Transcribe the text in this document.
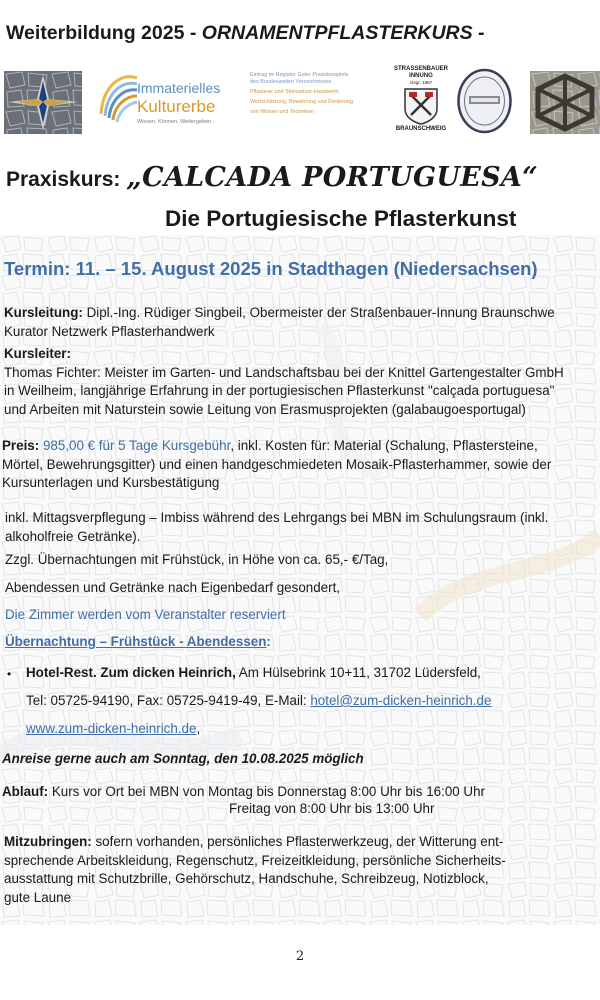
Weiterbildung 2025 - ORNAMENTPFLASTERKURS -
Immaterielles
Kulturerbe
Wissen. Können. Weitergeben.

Eintrag im Register Guter Praxisbeispiele

des Bundesweiten Verzeichnisses

Pflasterer und Steinsetzer-Handwerk:

Wertschätzung, Bewahrung und Förderung

von Wissen und Techniken

STRASSENBAUER
INNUNG
Gegr. 1887
BRAUNSCHWEIG
Praxiskurs: „CALCADA PORTUGUESA“
Die Portugiesische Pflasterkunst
Termin: 11. – 15. August 2025 in Stadthagen (Niedersachsen)
Kursleitung: Dipl.-Ing. Rüdiger Singbeil, Obermeister der Straßenbauer-Innung Braunschwe
Kurator Netzwerk Pflasterhandwerk
Kursleiter:
Thomas Fichter: Meister im Garten- und Landschaftsbau bei der Knittel Gartengestalter GmbH
in Weilheim, langjährige Erfahrung in der portugiesischen Pflasterkunst "calçada portuguesa"
und Arbeiten mit Naturstein sowie Leitung von Erasmusprojekten (galabaugoesportugal)
Preis: 985,00 € für 5 Tage Kursgebühr, inkl. Kosten für: Material (Schalung, Pflastersteine,
Mörtel, Bewehrungsgitter) und einen handgeschmiedeten Mosaik-Pflasterhammer, sowie der
Kursunterlagen und Kursbestätigung
inkl. Mittagsverpflegung – Imbiss während des Lehrgangs bei MBN im Schulungsraum (inkl.
alkoholfreie Getränke).
Zzgl. Übernachtungen mit Frühstück, in Höhe von ca. 65,- €/Tag,
Abendessen und Getränke nach Eigenbedarf gesondert,
Die Zimmer werden vom Veranstalter reserviert
Übernachtung – Frühstück - Abendessen:
• Hotel-Rest. Zum dicken Heinrich, Am Hülsebrink 10+11, 31702 Lüdersfeld,
Tel: 05725-94190, Fax: 05725-9419-49, E-Mail: hotel@zum-dicken-heinrich.de
www.zum-dicken-heinrich.de,
Anreise gerne auch am Sonntag, den 10.08.2025 möglich
Ablauf: Kurs vor Ort bei MBN von Montag bis Donnerstag 8:00 Uhr bis 16:00 Uhr
Freitag von 8:00 Uhr bis 13:00 Uhr
Mitzubringen: sofern vorhanden, persönliches Pflasterwerkzeug, der Witterung ent-
sprechende Arbeitskleidung, Regenschutz, Freizeitkleidung, persönliche Sicherheits-
ausstattung mit Schutzbrille, Gehörschutz, Handschuhe, Schreibzeug, Notizblock,
gute Laune
2
